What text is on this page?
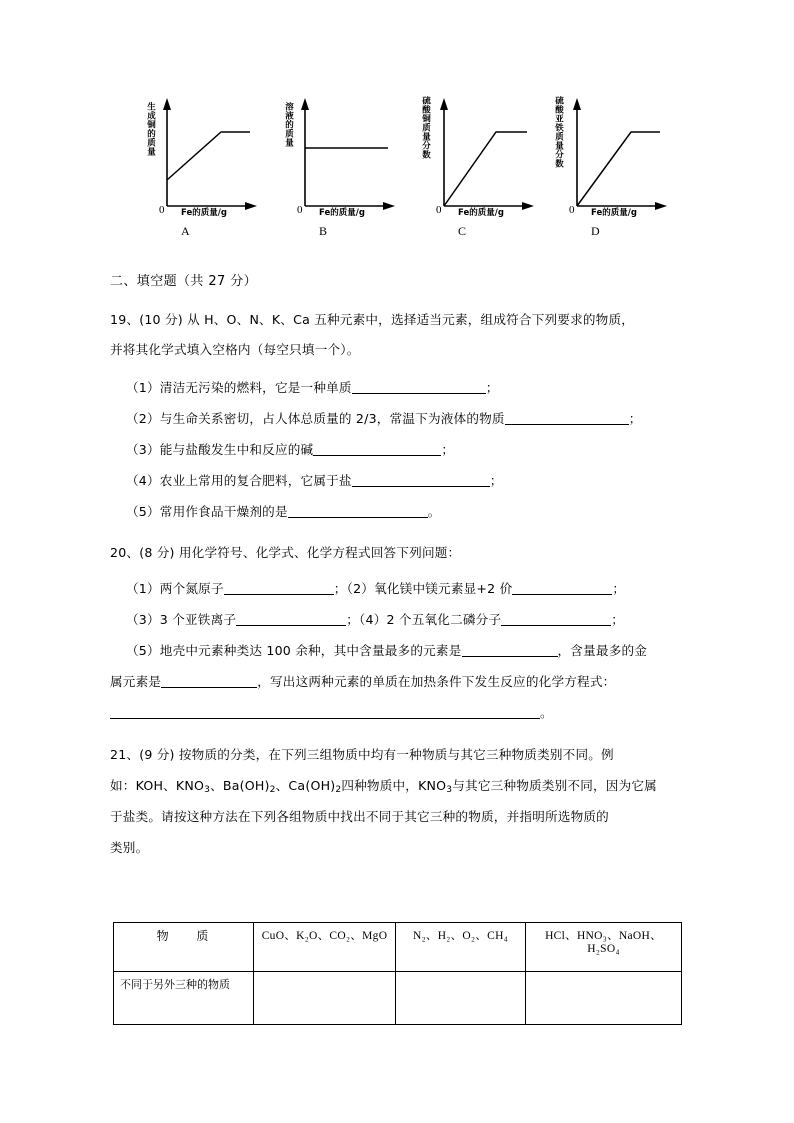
生成铜的质量
0 Fe的质量/g
A
溶液的质量
0 Fe的质量/g
B
硫酸铜质量分数
0 Fe的质量/g
C
硫酸亚铁质量分数
0 Fe的质量/g
D
二、填空题（共 27 分）
19、(10 分) 从 H、O、N、K、Ca 五种元素中，选择适当元素，组成符合下列要求的物质，
并将其化学式填入空格内（每空只填一个）。
（1）清洁无污染的燃料，它是一种单质	；
（2）与生命关系密切，占人体总质量的 2/3，常温下为液体的物质	；
（3）能与盐酸发生中和反应的碱	；
（4）农业上常用的复合肥料，它属于盐	；
（5）常用作食品干燥剂的是	。
20、(8 分) 用化学符号、化学式、化学方程式回答下列问题：
（1）两个氮原子	；（2）氧化镁中镁元素显+2 价	；
（3）3 个亚铁离子	；（4）2 个五氧化二磷分子	；
（5）地壳中元素种类达 100 余种，其中含量最多的元素是	，含量最多的金
属元素是	，写出这两种元素的单质在加热条件下发生反应的化学方程式：
。
21、(9 分) 按物质的分类，在下列三组物质中均有一种物质与其它三种物质类别不同。例
如：KOH、$KNO_3$、$Ba(OH)_2$、$Ca(OH)_2$四种物质中，$KNO_3$与其它三种物质类别不同，因为它属
于盐类。请按这种方法在下列各组物质中找出不同于其它三种的物质，并指明所选物质的
类别。
物 质	CuO、K₂O、CO₂、MgO	N₂、H₂、O₂、CH₄	HCl、HNO₃、NaOH、H₂SO₄
不同于另外三种的物质			
